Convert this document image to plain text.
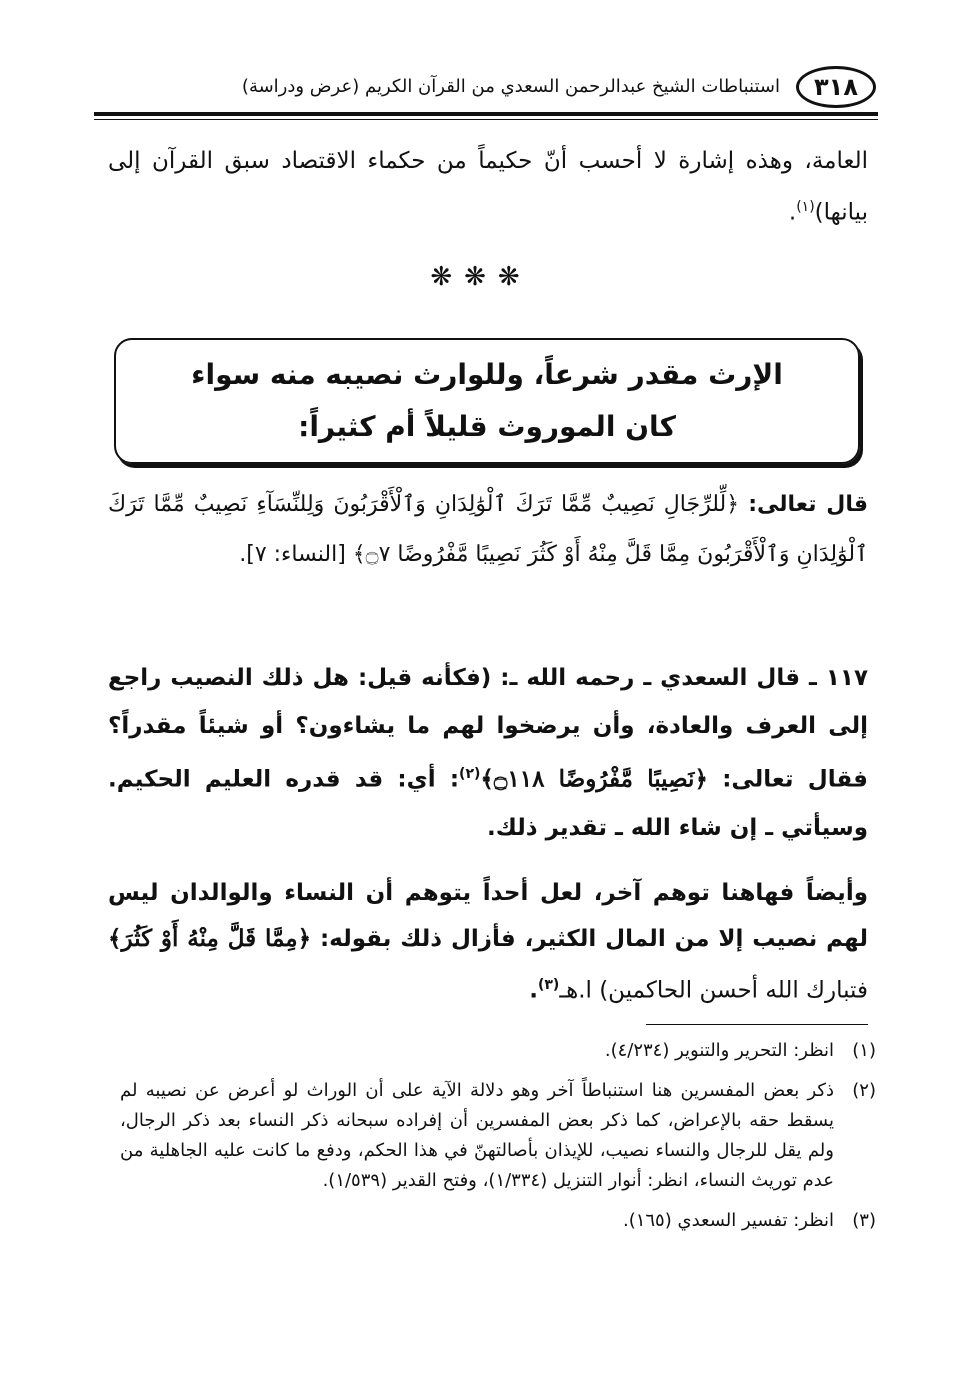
٣١٨
استنباطات الشيخ عبدالرحمن السعدي من القرآن الكريم (عرض ودراسة)
العامة، وهذه إشارة لا أحسب أنّ حكيماً من حكماء الاقتصاد سبق القرآن إلى بيانها)$^{(١)}$.
❋❋❋
الإرث مقدر شرعاً، وللوارث نصيبه منه سواء كان الموروث قليلاً أم كثيراً:
قال تعالى: ﴿لِّلرِّجَالِ نَصِيبٌ مِّمَّا تَرَكَ ٱلْوَٰلِدَانِ وَٱلْأَقْرَبُونَ وَلِلنِّسَآءِ نَصِيبٌ مِّمَّا تَرَكَ ٱلْوَٰلِدَانِ وَٱلْأَقْرَبُونَ مِمَّا قَلَّ مِنْهُ أَوْ كَثُرَ نَصِيبًا مَّفْرُوضًا ۝٧﴾ [النساء: ٧].
١١٧ ـ قال السعدي ـ رحمه الله ـ: (فكأنه قيل: هل ذلك النصيب راجع إلى العرف والعادة، وأن يرضخوا لهم ما يشاءون؟ أو شيئاً مقدراً؟ فقال تعالى: ﴿نَصِيبًا مَّفْرُوضًا ۝١١٨﴾$^{(٢)}$: أي: قد قدره العليم الحكيم. وسيأتي ـ إن شاء الله ـ تقدير ذلك.
وأيضاً فهاهنا توهم آخر، لعل أحداً يتوهم أن النساء والوالدان ليس لهم نصيب إلا من المال الكثير، فأزال ذلك بقوله: ﴿مِمَّا قَلَّ مِنْهُ أَوْ كَثُرَ﴾ فتبارك الله أحسن الحاكمين) ا.هـ$^{(٣)}$.
(١)
انظر: التحرير والتنوير (٤/٢٣٤).
(٢)
ذكر بعض المفسرين هنا استنباطاً آخر وهو دلالة الآية على أن الوراث لو أعرض عن نصيبه لم يسقط حقه بالإعراض، كما ذكر بعض المفسرين أن إفراده سبحانه ذكر النساء بعد ذكر الرجال، ولم يقل للرجال والنساء نصيب، للإيذان بأصالتهنّ في هذا الحكم، ودفع ما كانت عليه الجاهلية من عدم توريث النساء، انظر: أنوار التنزيل (١/٣٣٤)، وفتح القدير (١/٥٣٩).
(٣)
انظر: تفسير السعدي (١٦٥).
